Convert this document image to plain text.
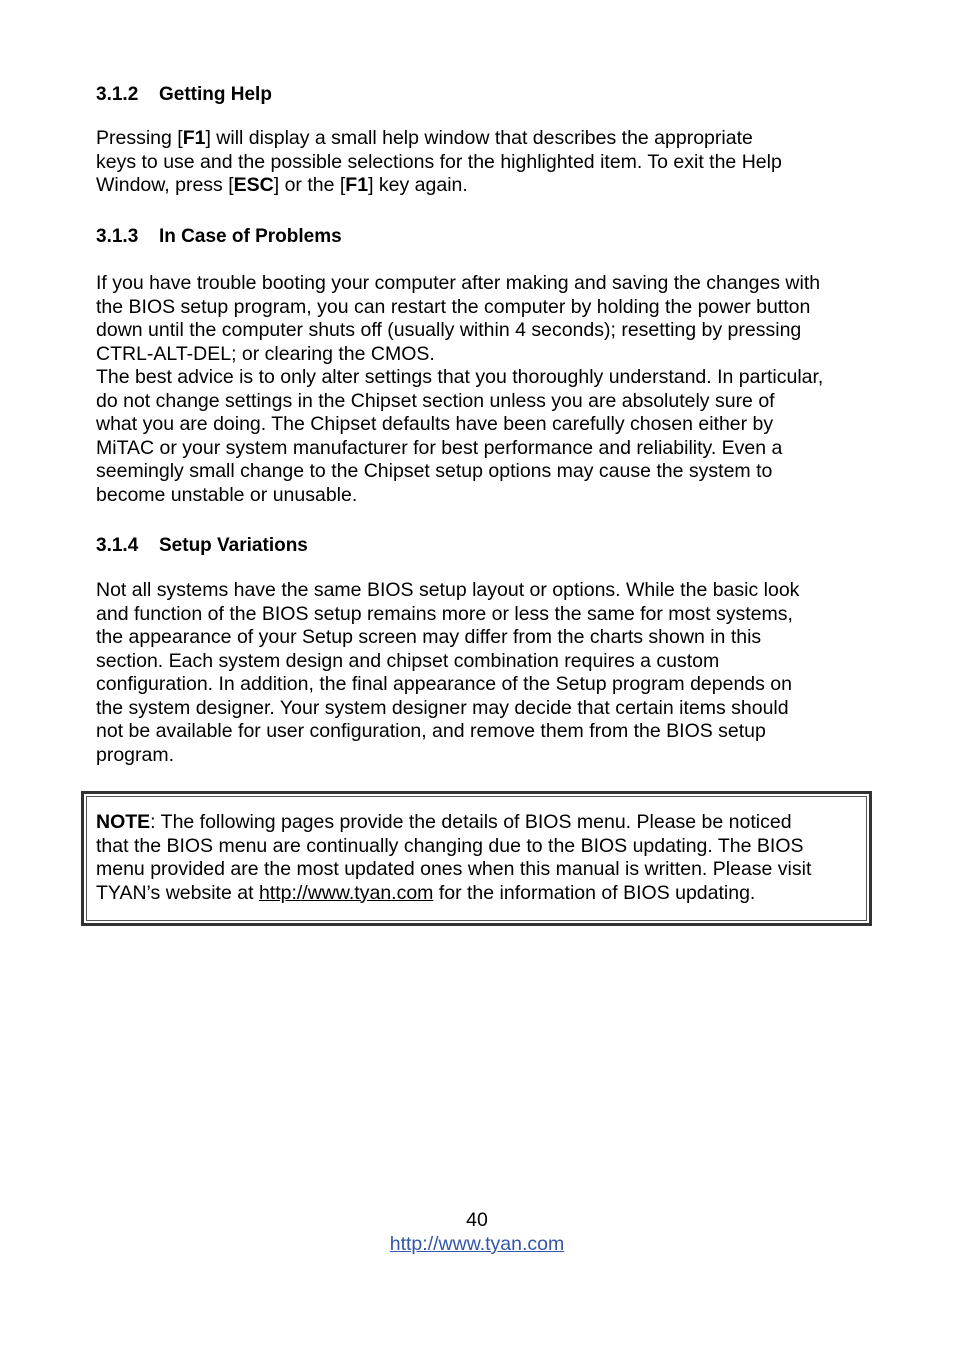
3.1.2 Getting Help
Pressing [F1] will display a small help window that describes the appropriate
keys to use and the possible selections for the highlighted item. To exit the Help
Window, press [ESC] or the [F1] key again.
3.1.3 In Case of Problems
If you have trouble booting your computer after making and saving the changes with
the BIOS setup program, you can restart the computer by holding the power button
down until the computer shuts off (usually within 4 seconds); resetting by pressing
CTRL-ALT-DEL; or clearing the CMOS.
The best advice is to only alter settings that you thoroughly understand. In particular,
do not change settings in the Chipset section unless you are absolutely sure of
what you are doing. The Chipset defaults have been carefully chosen either by
MiTAC or your system manufacturer for best performance and reliability. Even a
seemingly small change to the Chipset setup options may cause the system to
become unstable or unusable.
3.1.4 Setup Variations
Not all systems have the same BIOS setup layout or options. While the basic look
and function of the BIOS setup remains more or less the same for most systems,
the appearance of your Setup screen may differ from the charts shown in this
section. Each system design and chipset combination requires a custom
configuration. In addition, the final appearance of the Setup program depends on
the system designer. Your system designer may decide that certain items should
not be available for user configuration, and remove them from the BIOS setup
program.
NOTE: The following pages provide the details of BIOS menu. Please be noticed
that the BIOS menu are continually changing due to the BIOS updating. The BIOS
menu provided are the most updated ones when this manual is written. Please visit
TYAN’s website at http://www.tyan.com for the information of BIOS updating.
40
http://www.tyan.com
